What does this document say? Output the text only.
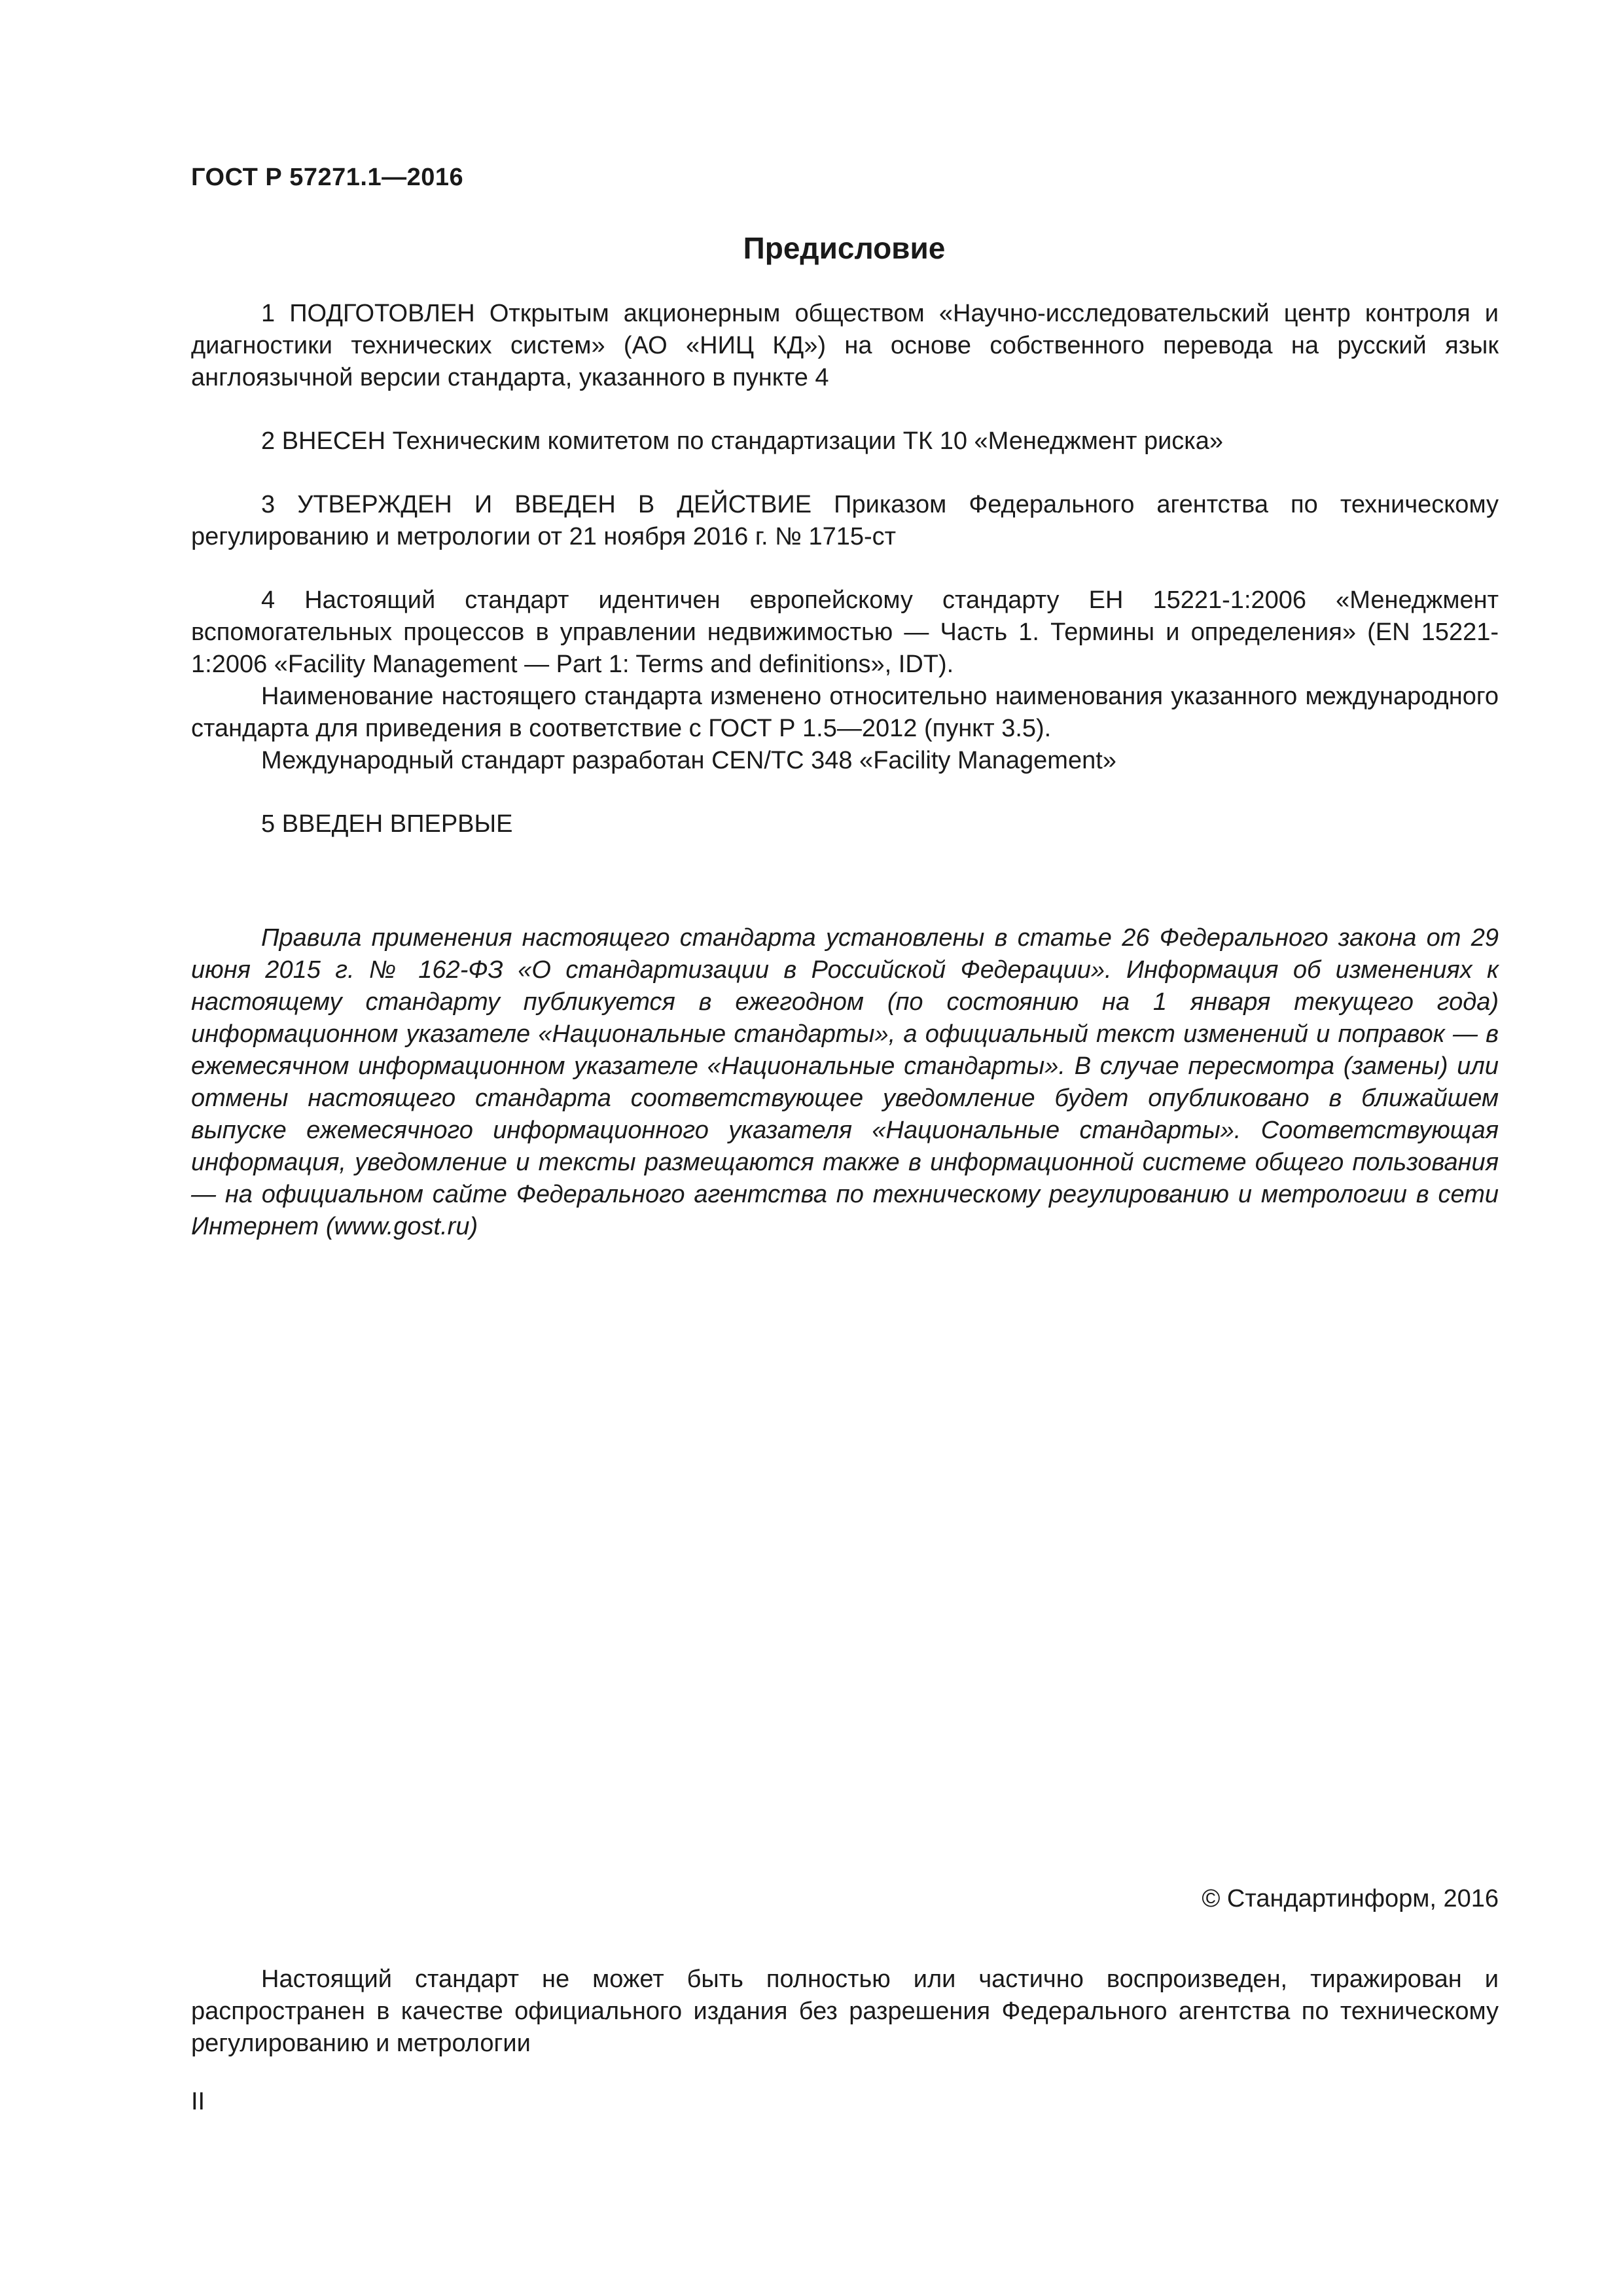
ГОСТ Р 57271.1—2016
Предисловие

1 ПОДГОТОВЛЕН Открытым акционерным обществом «Научно-исследовательский центр контроля и диагностики технических систем» (АО «НИЦ КД») на основе собственного перевода на русский язык англоязычной версии стандарта, указанного в пункте 4

2 ВНЕСЕН Техническим комитетом по стандартизации ТК 10 «Менеджмент риска»

3 УТВЕРЖДЕН И ВВЕДЕН В ДЕЙСТВИЕ Приказом Федерального агентства по техническому регулированию и метрологии от 21 ноября 2016 г. № 1715-ст

4 Настоящий стандарт идентичен европейскому стандарту ЕН 15221-1:2006 «Менеджмент вспомогательных процессов в управлении недвижимостью — Часть 1. Термины и определения» (EN 15221-1:2006 «Facility Management — Part 1: Terms and definitions», IDT).

Наименование настоящего стандарта изменено относительно наименования указанного международного стандарта для приведения в соответствие с ГОСТ Р 1.5—2012 (пункт 3.5).

Международный стандарт разработан CEN/TC 348 «Facility Management»

5 ВВЕДЕН ВПЕРВЫЕ

Правила применения настоящего стандарта установлены в статье 26 Федерального закона от 29 июня 2015 г. № 162-ФЗ «О стандартизации в Российской Федерации». Информация об изменениях к настоящему стандарту публикуется в ежегодном (по состоянию на 1 января текущего года) информационном указателе «Национальные стандарты», а официальный текст изменений и поправок — в ежемесячном информационном указателе «Национальные стандарты». В случае пересмотра (замены) или отмены настоящего стандарта соответствующее уведомление будет опубликовано в ближайшем выпуске ежемесячного информационного указателя «Национальные стандарты». Соответствующая информация, уведомление и тексты размещаются также в информационной системе общего пользования — на официальном сайте Федерального агентства по техническому регулированию и метрологии в сети Интернет (www.gost.ru)

© Стандартинформ, 2016

Настоящий стандарт не может быть полностью или частично воспроизведен, тиражирован и распространен в качестве официального издания без разрешения Федерального агентства по техническому регулированию и метрологии

II
